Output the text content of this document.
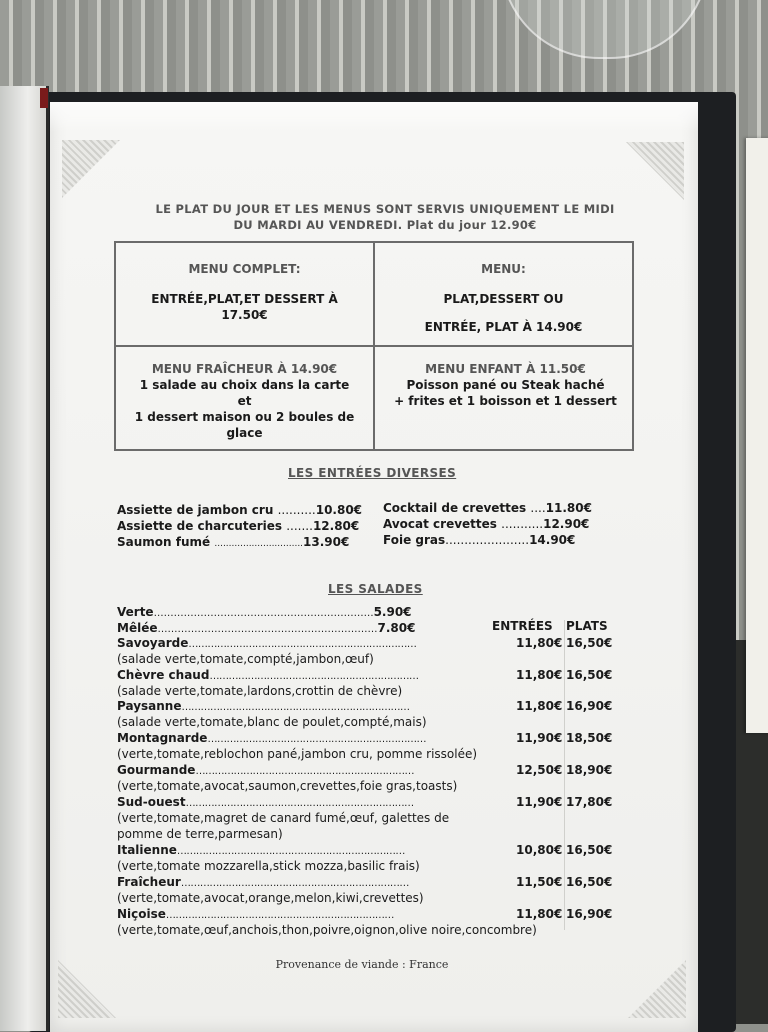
LE PLAT DU JOUR ET LES MENUS SONT SERVIS UNIQUEMENT LE MIDI
DU MARDI AU VENDREDI. Plat du jour 12.90€
MENU COMPLET:
ENTRÉE,PLAT,ET DESSERT À 17.50€
MENU:
PLAT,DESSERT OU
ENTRÉE, PLAT À 14.90€
MENU FRAÎCHEUR À 14.90€
1 salade au choix dans la carte
et
1 dessert maison ou 2 boules de glace
MENU ENFANT À 11.50€
Poisson pané ou Steak haché
+ frites et 1 boisson et 1 dessert
LES ENTRÉES DIVERSES
Assiette de jambon cru ..........10.80€
Assiette de charcuteries .......12.80€
Saumon fumé ...............................13.90€
Cocktail de crevettes ....11.80€
Avocat crevettes ...........12.90€
Foie gras......................14.90€
LES SALADES
Verte…………………………………………………………5.90€
Mêlée…………………………………………………………7.80€	ENTRÉES PLATS
Savoyarde………………………………………………………………	11,80€ 16,50€
(salade verte,tomate,compté,jambon,œuf)
Chèvre chaud…………………………………………………………	11,80€ 16,50€
(salade verte,tomate,lardons,crottin de chèvre)
Paysanne………………………………………………………………	11,80€ 16,90€
(salade verte,tomate,blanc de poulet,compté,mais)
Montagnarde……………………………………………………………	11,90€ 18,50€
(verte,tomate,reblochon pané,jambon cru, pomme rissolée)
Gourmande……………………………………………………………	12,50€ 18,90€
(verte,tomate,avocat,saumon,crevettes,foie gras,toasts)
Sud-ouest………………………………………………………………	11,90€ 17,80€
(verte,tomate,magret de canard fumé,œuf, galettes de
pomme de terre,parmesan)
Italienne………………………………………………………………	10,80€ 16,50€
(verte,tomate mozzarella,stick mozza,basilic frais)
Fraîcheur………………………………………………………………	11,50€ 16,50€
(verte,tomate,avocat,orange,melon,kiwi,crevettes)
Niçoise………………………………………………………………	11,80€ 16,90€
(verte,tomate,œuf,anchois,thon,poivre,oignon,olive noire,concombre)
Provenance de viande : France
